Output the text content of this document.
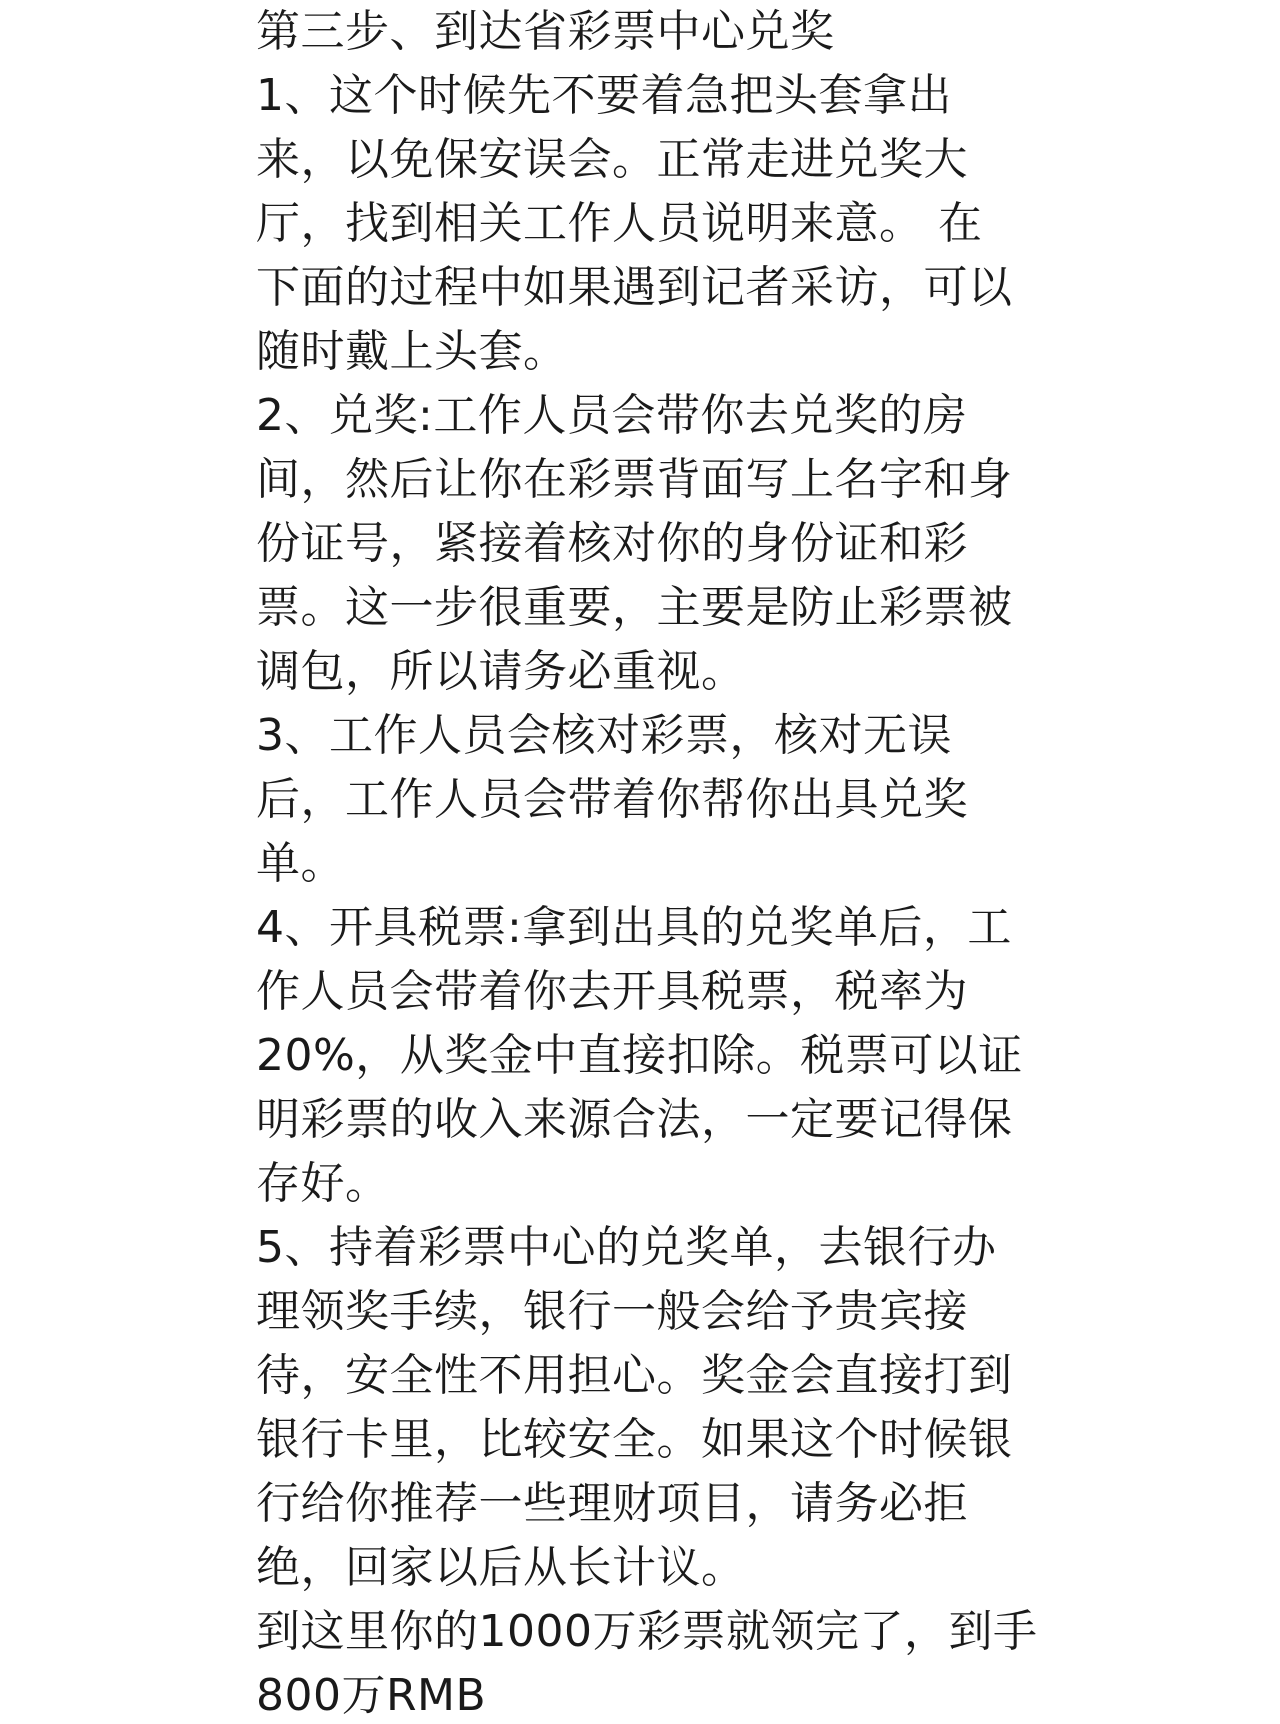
第三步、到达省彩票中心兑奖

1、这个时候先不要着急把头套拿出

来，以免保安误会。正常走进兑奖大

厅，找到相关工作人员说明来意。 在

下面的过程中如果遇到记者采访，可以

随时戴上头套。

2、兑奖:工作人员会带你去兑奖的房

间，然后让你在彩票背面写上名字和身

份证号，紧接着核对你的身份证和彩

票。这一步很重要，主要是防止彩票被

调包，所以请务必重视。

3、工作人员会核对彩票，核对无误

后，工作人员会带着你帮你出具兑奖

单。

4、开具税票:拿到出具的兑奖单后，工

作人员会带着你去开具税票，税率为

20%，从奖金中直接扣除。税票可以证

明彩票的收入来源合法，一定要记得保

存好。

5、持着彩票中心的兑奖单，去银行办

理领奖手续，银行一般会给予贵宾接

待，安全性不用担心。奖金会直接打到

银行卡里，比较安全。如果这个时候银

行给你推荐一些理财项目，请务必拒

绝，回家以后从长计议。

到这里你的1000万彩票就领完了，到手

800万RMB
